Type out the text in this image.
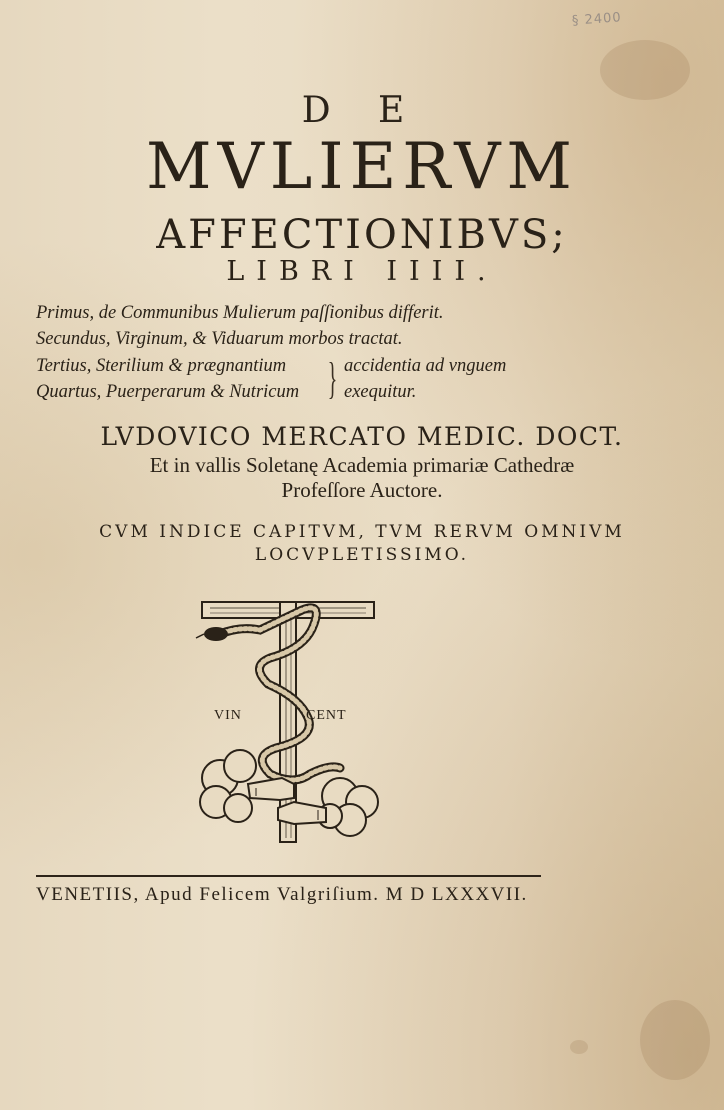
§ 2400
D E
MVLIERVM
AFFECTIONIBVS;
LIBRI IIII.
Primus, de Communibus Mulierum paſſionibus differit.
Secundus, Virginum, & Viduarum morbos tractat.
Tertius, Sterilium & prægnantium
Quartus, Puerperarum & Nutricum } accidentia ad vnguem
exequitur.
LVDOVICO MERCATO MEDIC. DOCT.
Et in vallis Soletanę Academia primariæ Cathedræ
Profeſſore Auctore.
CVM INDICE CAPITVM, TVM RERVM OMNIVM
LOCVPLETISSIMO.
VIN	CENT
VENETIIS, Apud Felicem Valgriſium. M D LXXXVII.
